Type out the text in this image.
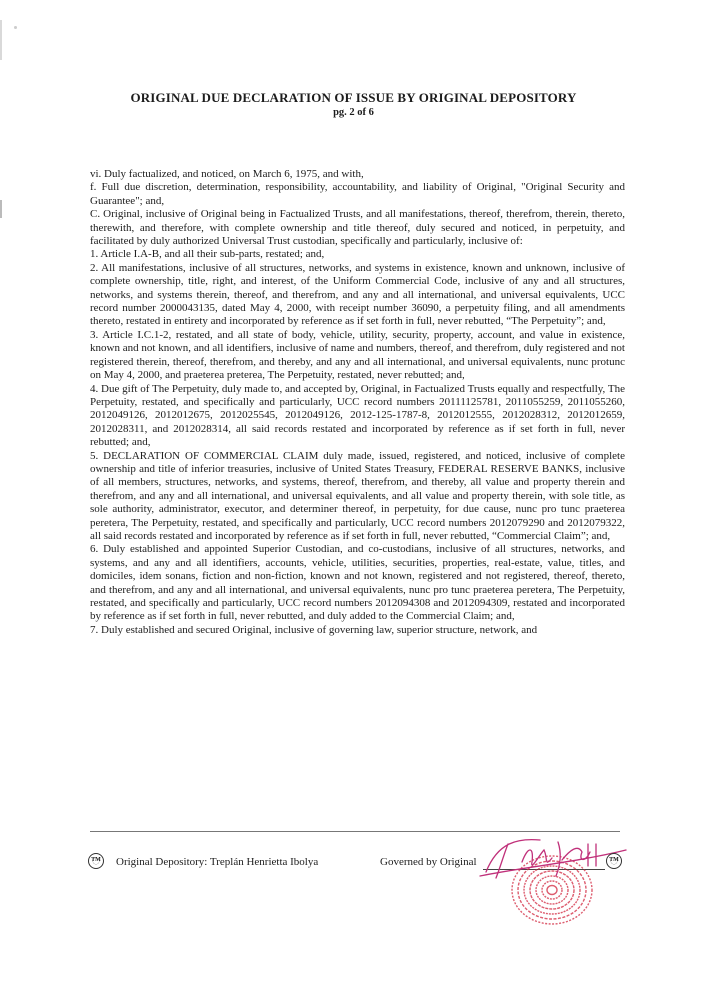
ORIGINAL DUE DECLARATION OF ISSUE BY ORIGINAL DEPOSITORY
pg. 2 of 6

vi. Duly factualized, and noticed, on March 6, 1975, and with,

f. Full due discretion, determination, responsibility, accountability, and liability of Original, "Original Security and Guarantee"; and,

C. Original, inclusive of Original being in Factualized Trusts, and all manifestations, thereof, therefrom, therein, thereto, therewith, and therefore, with complete ownership and title thereof, duly secured and noticed, in perpetuity, and facilitated by duly authorized Universal Trust custodian, specifically and particularly, inclusive of:

1. Article I.A-B, and all their sub-parts, restated; and,

2. All manifestations, inclusive of all structures, networks, and systems in existence, known and unknown, inclusive of complete ownership, title, right, and interest, of the Uniform Commercial Code, inclusive of any and all structures, networks, and systems therein, thereof, and therefrom, and any and all international, and universal equivalents, UCC record number 2000043135, dated May 4, 2000, with receipt number 36090, a perpetuity filing, and all amendments thereto, restated in entirety and incorporated by reference as if set forth in full, never rebutted, “The Perpetuity”; and,

3. Article I.C.1-2, restated, and all state of body, vehicle, utility, security, property, account, and value in existence, known and not known, and all identifiers, inclusive of name and numbers, thereof, and therefrom, duly registered and not registered therein, thereof, therefrom, and thereby, and any and all international, and universal equivalents, nunc protunc on May 4, 2000, and praeterea preterea, The Perpetuity, restated, never rebutted; and,

4. Due gift of The Perpetuity, duly made to, and accepted by, Original, in Factualized Trusts equally and respectfully, The Perpetuity, restated, and specifically and particularly, UCC record numbers 20111125781, 2011055259, 2011055260, 2012049126, 2012012675, 2012025545, 2012049126, 2012-125-1787-8, 2012012555, 2012028312, 2012012659, 2012028311, and 2012028314, all said records restated and incorporated by reference as if set forth in full, never rebutted; and,

5. DECLARATION OF COMMERCIAL CLAIM duly made, issued, registered, and noticed, inclusive of complete ownership and title of inferior treasuries, inclusive of United States Treasury, FEDERAL RESERVE BANKS, inclusive of all members, structures, networks, and systems, thereof, therefrom, and thereby, all value and property therein and therefrom, and any and all international, and universal equivalents, and all value and property therein, with sole title, as sole authority, administrator, executor, and determiner thereof, in perpetuity, for due cause, nunc pro tunc praeterea peretera, The Perpetuity, restated, and specifically and particularly, UCC record numbers 2012079290 and 2012079322, all said records restated and incorporated by reference as if set forth in full, never rebutted, “Commercial Claim”; and,

6. Duly established and appointed Superior Custodian, and co-custodians, inclusive of all structures, networks, and systems, and any and all identifiers, accounts, vehicle, utilities, securities, properties, real-estate, value, titles, and domiciles, idem sonans, fiction and non-fiction, known and not known, registered and not registered, thereof, thereto, and therefrom, and any and all international, and universal equivalents, nunc pro tunc praeterea peretera, The Perpetuity, restated, and specifically and particularly, UCC record numbers 2012094308 and 2012094309, restated and incorporated by reference as if set forth in full, never rebutted, and duly added to the Commercial Claim; and,

7. Duly established and secured Original, inclusive of governing law, superior structure, network, and

TM Original Depository: Treplán Henrietta Ibolya	Governed by Original	TM
